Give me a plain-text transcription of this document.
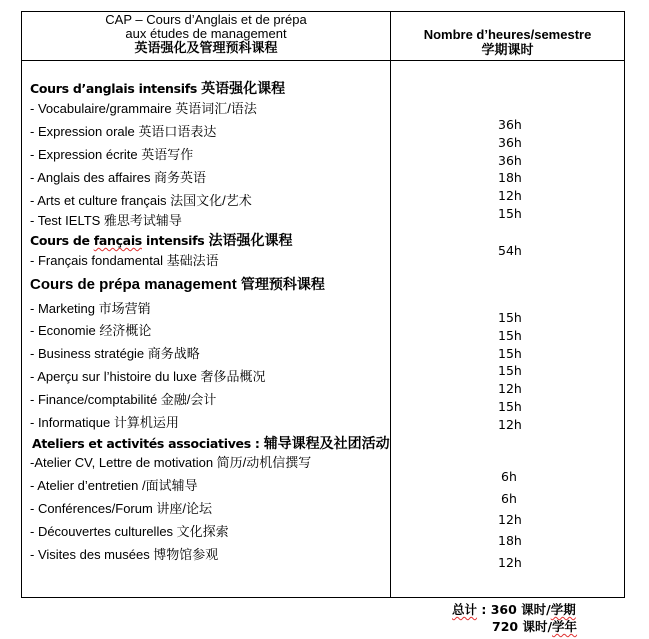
CAP – Cours d’Anglais et de prépa
aux études de management
英语强化及管理预科课程
Nombre d’heures/semestre
学期课时
Cours d’anglais intensifs 英语强化课程
- Vocabulaire/grammaire 英语词汇/语法
- Expression orale 英语口语表达
- Expression écrite 英语写作
- Anglais des affaires 商务英语
- Arts et culture français 法国文化/艺术
- Test IELTS 雅思考试辅导
Cours de fançais intensifs 法语强化课程
- Français fondamental 基础法语
Cours de prépa management 管理预科课程
- Marketing 市场营销
- Economie 经济概论
- Business stratégie 商务战略
- Aperçu sur l’histoire du luxe 奢侈品概况
- Finance/comptabilité 金融/会计
- Informatique 计算机运用
Ateliers et activités associatives : 辅导课程及社团活动
-Atelier CV, Lettre de motivation 简历/动机信撰写
- Atelier d’entretien /面试辅导
- Conférences/Forum 讲座/论坛
- Découvertes culturelles 文化探索
- Visites des musées 博物馆参观
36h
36h
36h
18h
12h
15h
54h
15h
15h
15h
15h
12h
15h
12h
6h
6h
12h
18h
12h
总计 : 360 课时/学期
720 课时/学年
